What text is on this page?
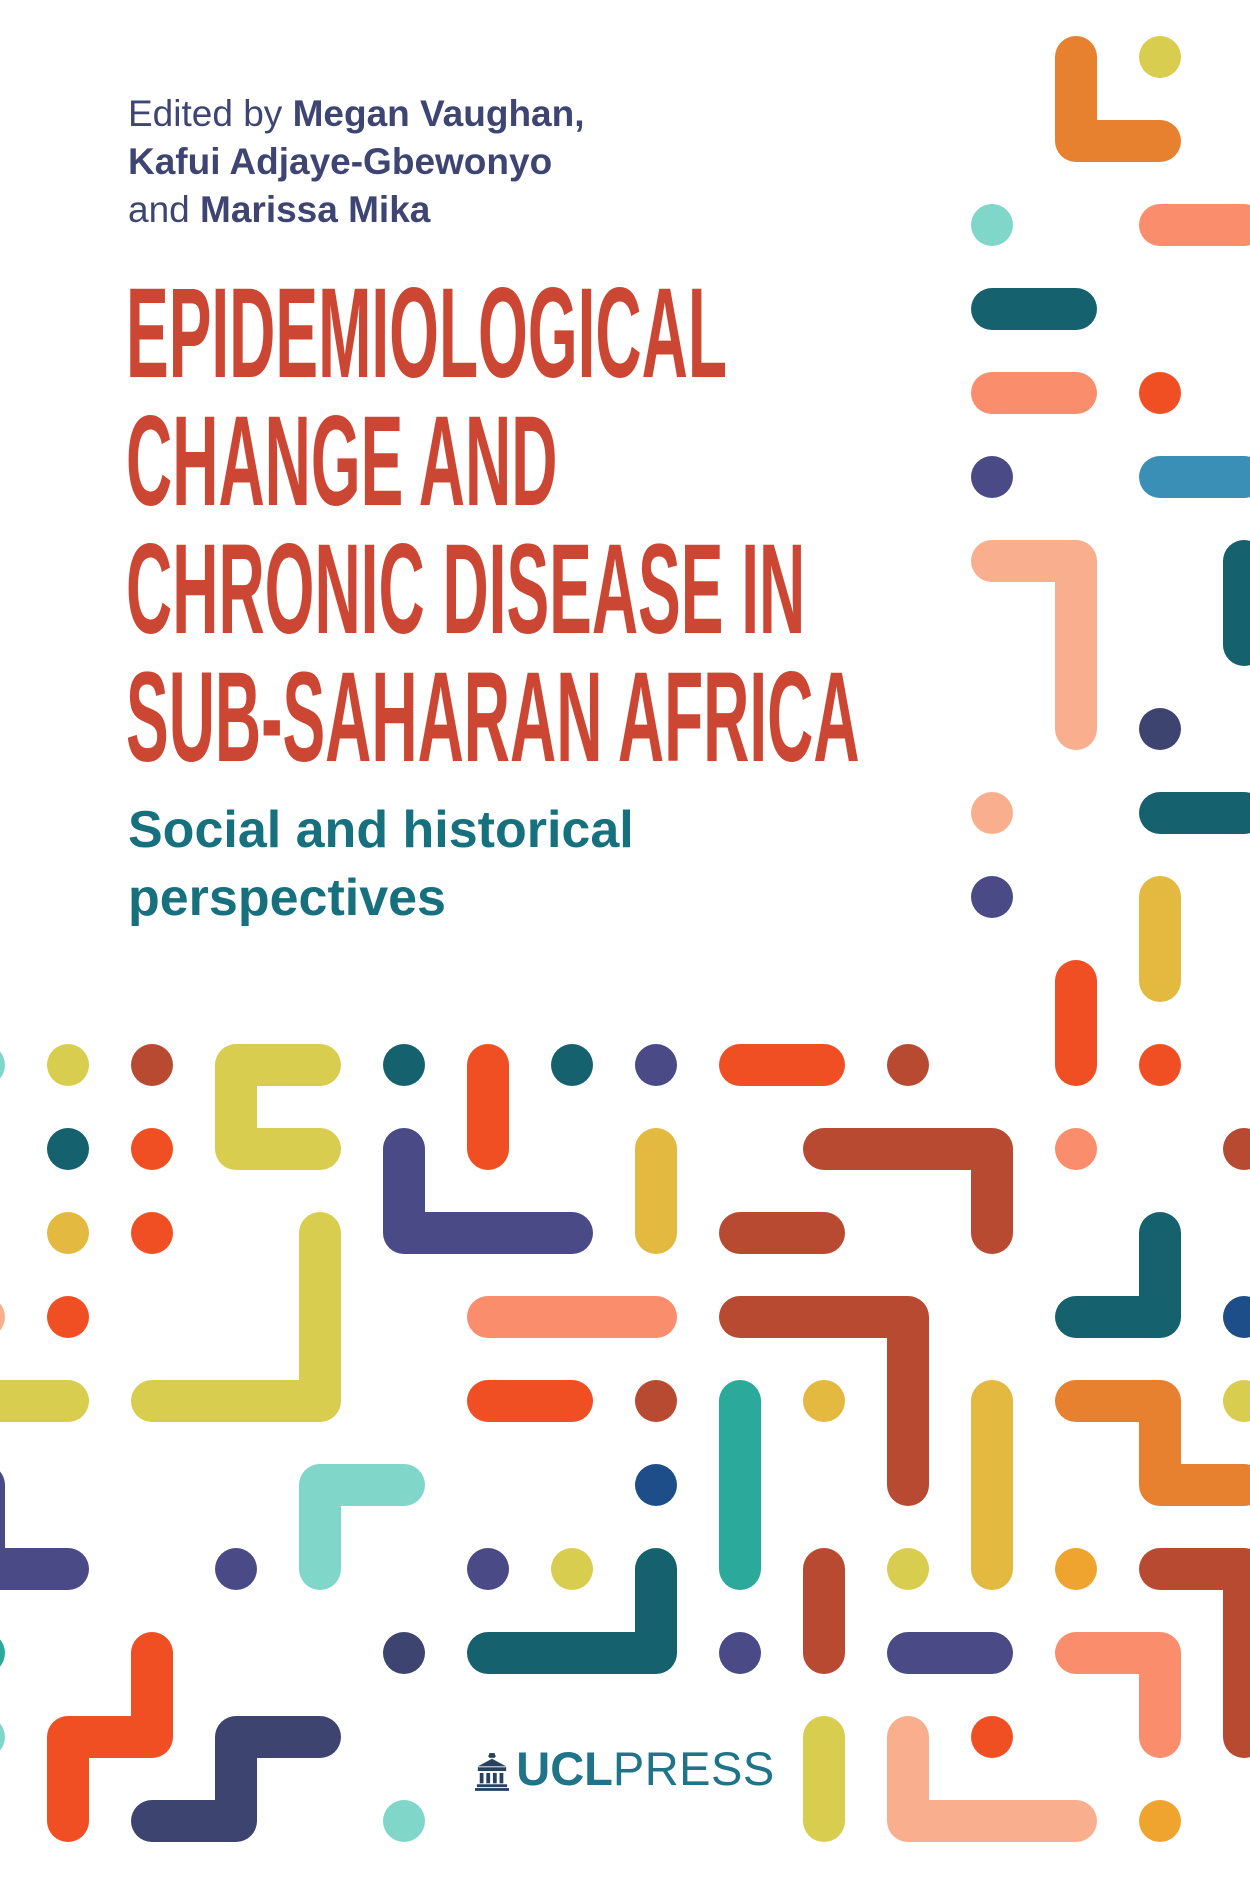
Edited by Megan Vaughan,
Kafui Adjaye-Gbewonyo
and Marissa Mika
EPIDEMIOLOGICAL
CHANGE AND
CHRONIC DISEASE IN
SUB-SAHARAN AFRICA
Social and historical perspectives
UCL PRESS
